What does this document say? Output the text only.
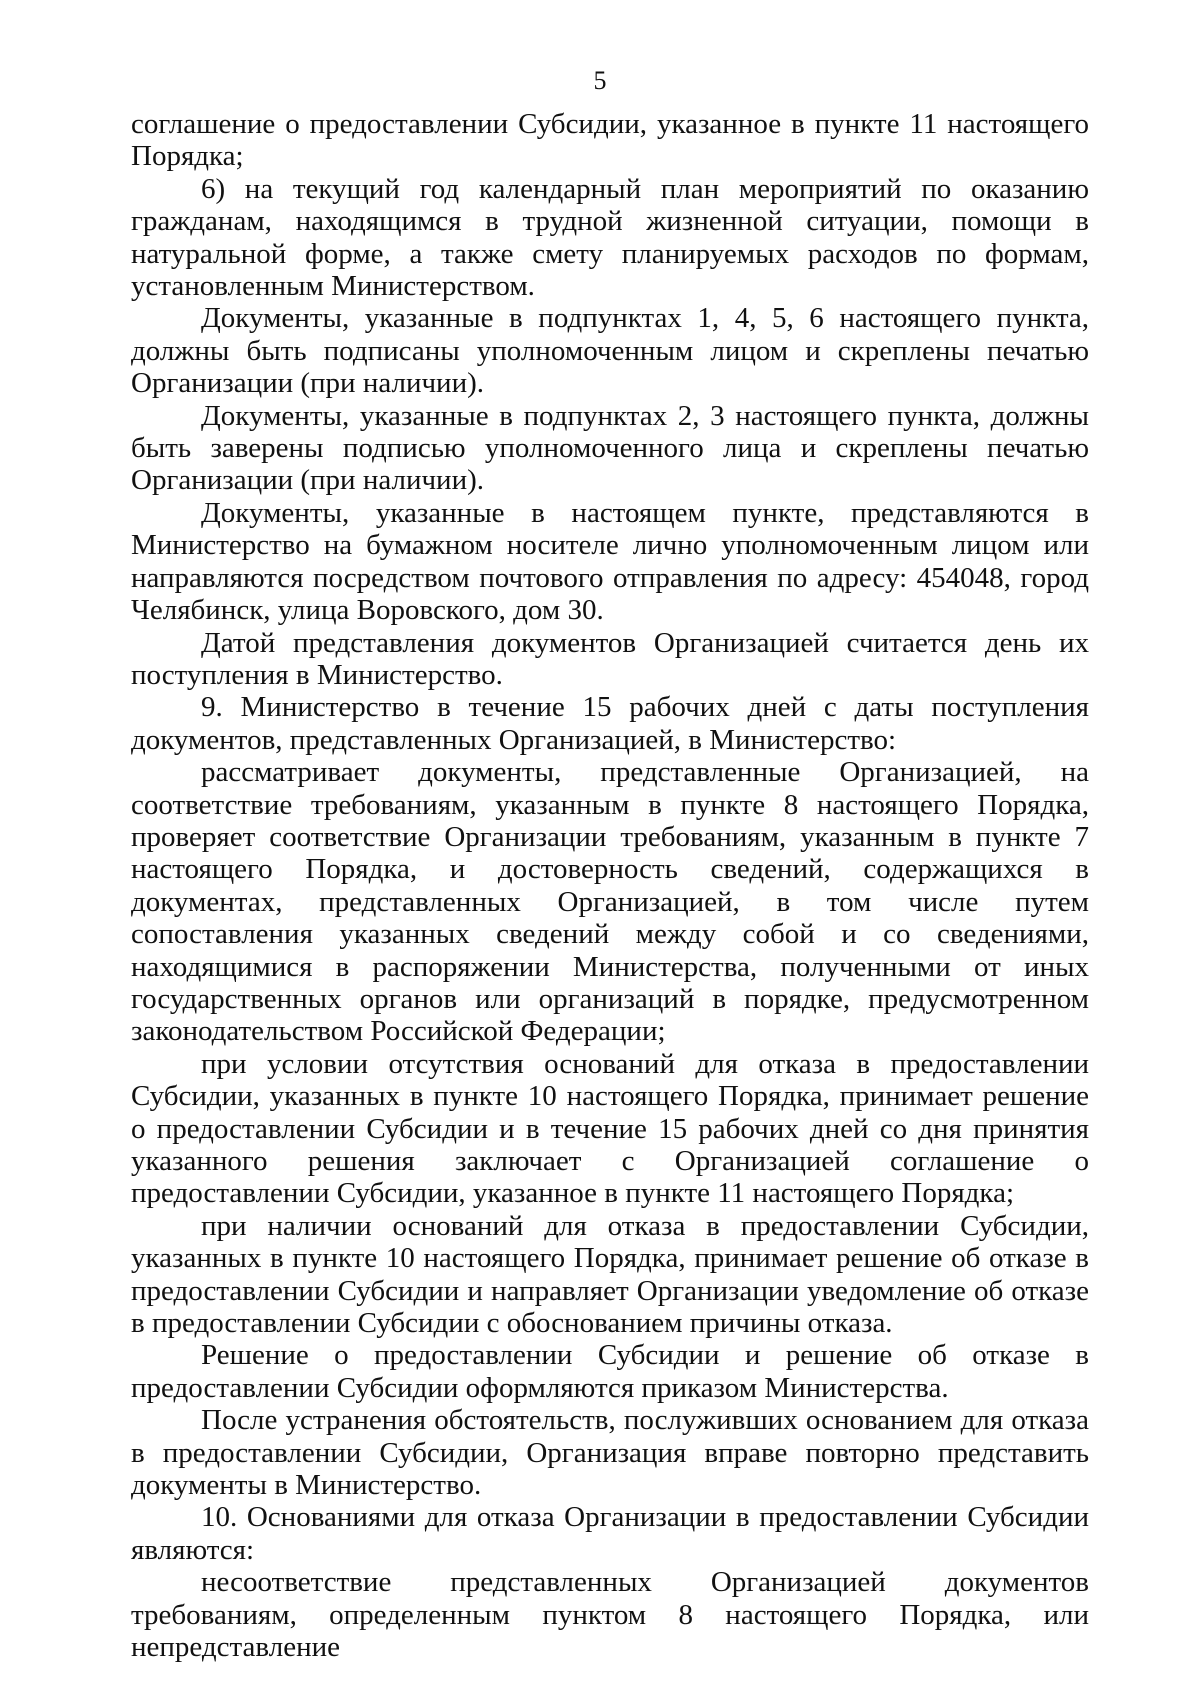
5

соглашение о предоставлении Субсидии, указанное в пункте 11 настоящего Порядка;

6) на текущий год календарный план мероприятий по оказанию гражданам, находящимся в трудной жизненной ситуации, помощи в натуральной форме, а также смету планируемых расходов по формам, установленным Министерством.

Документы, указанные в подпунктах 1, 4, 5, 6 настоящего пункта, должны быть подписаны уполномоченным лицом и скреплены печатью Организации (при наличии).

Документы, указанные в подпунктах 2, 3 настоящего пункта, должны быть заверены подписью уполномоченного лица и скреплены печатью Организации (при наличии).

Документы, указанные в настоящем пункте, представляются в Министерство на бумажном носителе лично уполномоченным лицом или направляются посредством почтового отправления по адресу: 454048, город Челябинск, улица Воровского, дом 30.

Датой представления документов Организацией считается день их поступления в Министерство.

9. Министерство в течение 15 рабочих дней с даты поступления документов, представленных Организацией, в Министерство:

рассматривает документы, представленные Организацией, на соответствие требованиям, указанным в пункте 8 настоящего Порядка, проверяет соответствие Организации требованиям, указанным в пункте 7 настоящего Порядка, и достоверность сведений, содержащихся в документах, представленных Организацией, в том числе путем сопоставления указанных сведений между собой и со сведениями, находящимися в распоряжении Министерства, полученными от иных государственных органов или организаций в порядке, предусмотренном законодательством Российской Федерации;

при условии отсутствия оснований для отказа в предоставлении Субсидии, указанных в пункте 10 настоящего Порядка, принимает решение о предоставлении Субсидии и в течение 15 рабочих дней со дня принятия указанного решения заключает с Организацией соглашение о предоставлении Субсидии, указанное в пункте 11 настоящего Порядка;

при наличии оснований для отказа в предоставлении Субсидии, указанных в пункте 10 настоящего Порядка, принимает решение об отказе в предоставлении Субсидии и направляет Организации уведомление об отказе в предоставлении Субсидии с обоснованием причины отказа.

Решение о предоставлении Субсидии и решение об отказе в предоставлении Субсидии оформляются приказом Министерства.

После устранения обстоятельств, послуживших основанием для отказа в предоставлении Субсидии, Организация вправе повторно представить документы в Министерство.

10. Основаниями для отказа Организации в предоставлении Субсидии являются:

несоответствие представленных Организацией документов требованиям, определенным пунктом 8 настоящего Порядка, или непредставление
